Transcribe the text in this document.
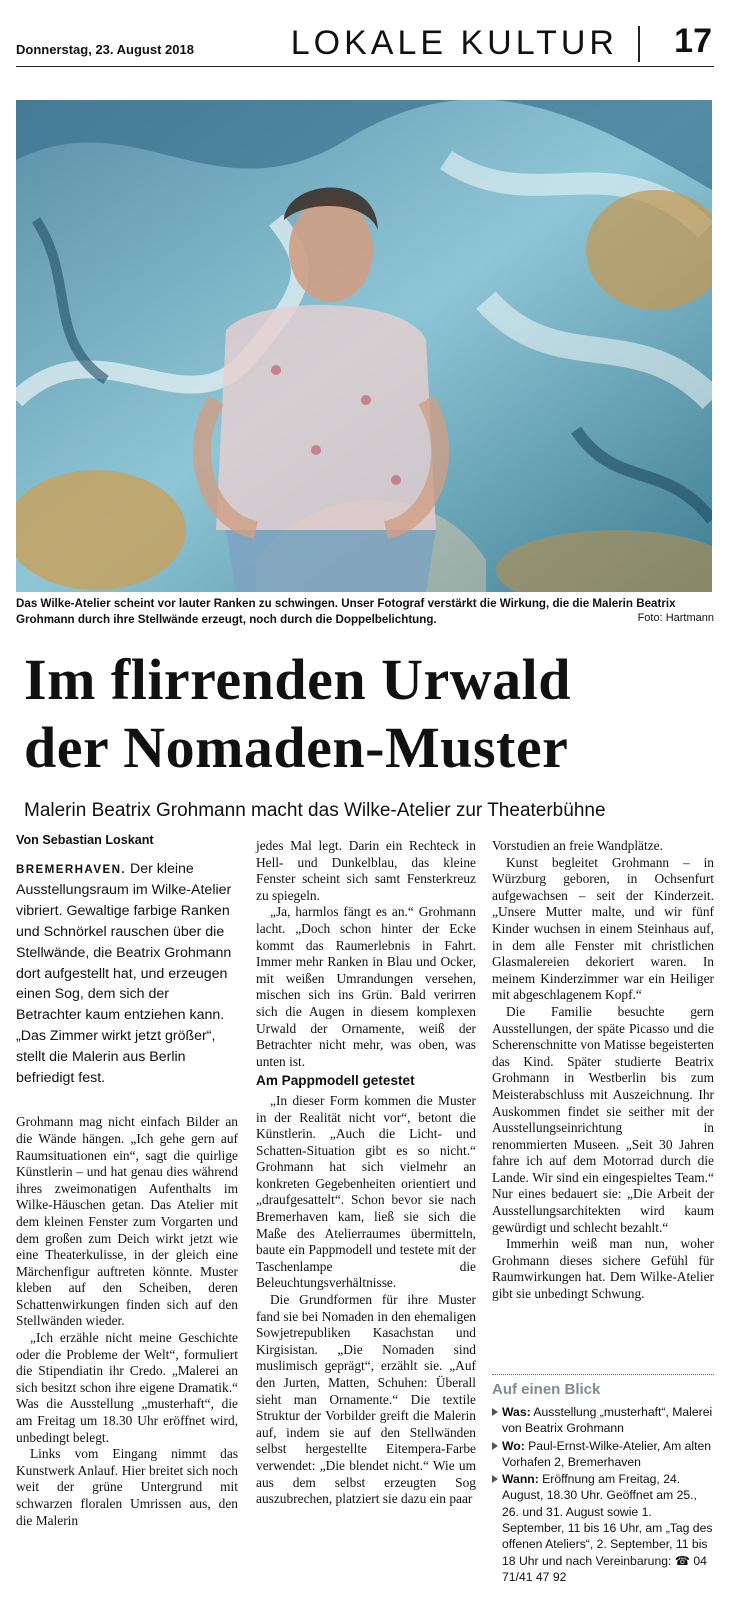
Donnerstag, 23. August 2018	LOKALE KULTUR 17
Das Wilke-Atelier scheint vor lauter Ranken zu schwingen. Unser Fotograf verstärkt die Wirkung, die die Malerin Beatrix Grohmann durch ihre Stellwände erzeugt, noch durch die Doppelbelichtung.	Foto: Hartmann
Im flirrenden Urwald
der Nomaden-Muster
Malerin Beatrix Grohmann macht das Wilke-Atelier zur Theaterbühne
Von Sebastian Loskant
BREMERHAVEN. Der kleine Ausstellungsraum im Wilke-Atelier vibriert. Gewaltige farbige Ranken und Schnörkel rauschen über die Stellwände, die Beatrix Grohmann dort aufgestellt hat, und erzeugen einen Sog, dem sich der Betrachter kaum entziehen kann. „Das Zimmer wirkt jetzt größer“, stellt die Malerin aus Berlin befriedigt fest.

Grohmann mag nicht einfach Bilder an die Wände hängen. „Ich gehe gern auf Raumsituationen ein“, sagt die quirlige Künstlerin – und hat genau dies während ihres zweimonatigen Aufenthalts im Wilke-Häuschen getan. Das Atelier mit dem kleinen Fenster zum Vorgarten und dem großen zum Deich wirkt jetzt wie eine Theaterkulisse, in der gleich eine Märchenfigur auftreten könnte. Muster kleben auf den Scheiben, deren Schattenwirkungen finden sich auf den Stellwänden wieder.

„Ich erzähle nicht meine Geschichte oder die Probleme der Welt“, formuliert die Stipendiatin ihr Credo. „Malerei an sich besitzt schon ihre eigene Dramatik.“ Was die Ausstellung „musterhaft“, die am Freitag um 18.30 Uhr eröffnet wird, unbedingt belegt.

Links vom Eingang nimmt das Kunstwerk Anlauf. Hier breitet sich noch weit der grüne Untergrund mit schwarzen floralen Umrissen aus, den die Malerin

jedes Mal legt. Darin ein Rechteck in Hell- und Dunkelblau, das kleine Fenster scheint sich samt Fensterkreuz zu spiegeln.

„Ja, harmlos fängt es an.“ Grohmann lacht. „Doch schon hinter der Ecke kommt das Raumerlebnis in Fahrt. Immer mehr Ranken in Blau und Ocker, mit weißen Umrandungen versehen, mischen sich ins Grün. Bald verirren sich die Augen in diesem komplexen Urwald der Ornamente, weiß der Betrachter nicht mehr, was oben, was unten ist.

Am Pappmodell getestet

„In dieser Form kommen die Muster in der Realität nicht vor“, betont die Künstlerin. „Auch die Licht- und Schatten-Situation gibt es so nicht.“ Grohmann hat sich vielmehr an konkreten Gegebenheiten orientiert und „draufgesattelt“. Schon bevor sie nach Bremerhaven kam, ließ sie sich die Maße des Atelierraumes übermitteln, baute ein Pappmodell und testete mit der Taschenlampe die Beleuchtungsverhältnisse.

Die Grundformen für ihre Muster fand sie bei Nomaden in den ehemaligen Sowjetrepubliken Kasachstan und Kirgisistan. „Die Nomaden sind muslimisch geprägt“, erzählt sie. „Auf den Jurten, Matten, Schuhen: Überall sieht man Ornamente.“ Die textile Struktur der Vorbilder greift die Malerin auf, indem sie auf den Stellwänden selbst hergestellte Eitempera-Farbe verwendet: „Die blendet nicht.“ Wie um aus dem selbst erzeugten Sog auszubrechen, platziert sie dazu ein paar

Vorstudien an freie Wandplätze.

Kunst begleitet Grohmann – in Würzburg geboren, in Ochsenfurt aufgewachsen – seit der Kinderzeit. „Unsere Mutter malte, und wir fünf Kinder wuchsen in einem Steinhaus auf, in dem alle Fenster mit christlichen Glasmalereien dekoriert waren. In meinem Kinderzimmer war ein Heiliger mit abgeschlagenem Kopf.“

Die Familie besuchte gern Ausstellungen, der späte Picasso und die Scherenschnitte von Matisse begeisterten das Kind. Später studierte Beatrix Grohmann in Westberlin bis zum Meisterabschluss mit Auszeichnung. Ihr Auskommen findet sie seither mit der Ausstellungseinrichtung in renommierten Museen. „Seit 30 Jahren fahre ich auf dem Motorrad durch die Lande. Wir sind ein eingespieltes Team.“ Nur eines bedauert sie: „Die Arbeit der Ausstellungsarchitekten wird kaum gewürdigt und schlecht bezahlt.“

Immerhin weiß man nun, woher Grohmann dieses sichere Gefühl für Raumwirkungen hat. Dem Wilke-Atelier gibt sie unbedingt Schwung.

Auf einen Blick
Was: Ausstellung „musterhaft“, Malerei von Beatrix Grohmann
Wo: Paul-Ernst-Wilke-Atelier, Am alten Vorhafen 2, Bremerhaven
Wann: Eröffnung am Freitag, 24. August, 18.30 Uhr. Geöffnet am 25., 26. und 31. August sowie 1. September, 11 bis 16 Uhr, am „Tag des offenen Ateliers“, 2. September, 11 bis 18 Uhr und nach Vereinbarung: ☎ 04 71/41 47 92
